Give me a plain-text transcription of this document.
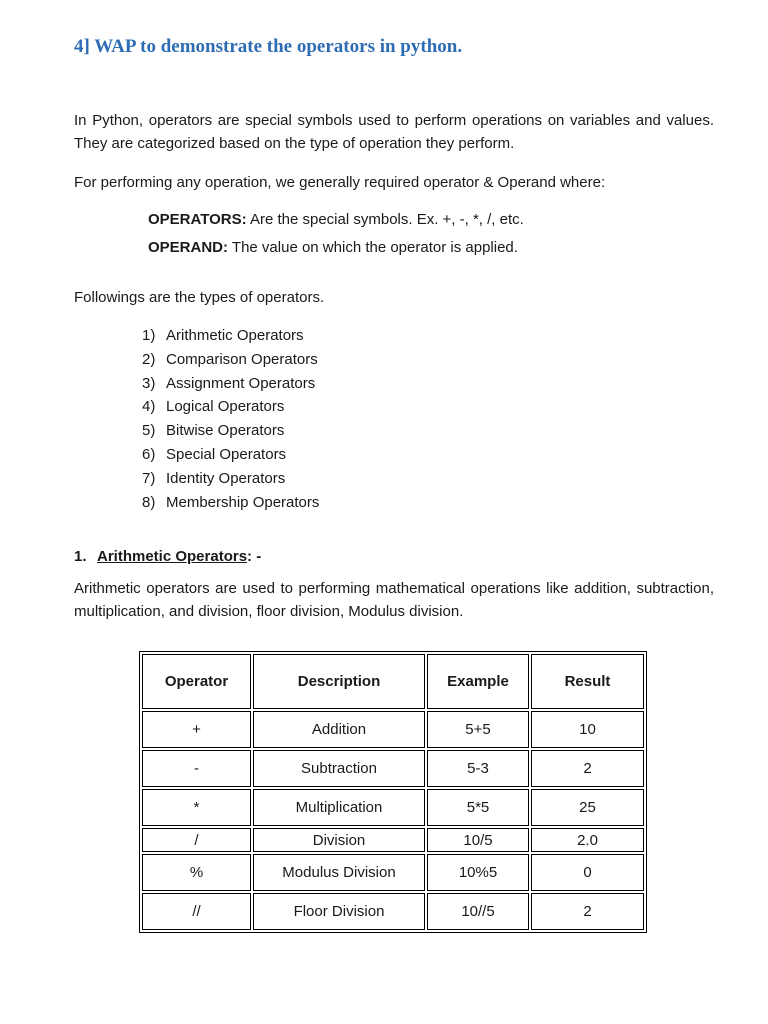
4] WAP to demonstrate the operators in python.

In Python, operators are special symbols used to perform operations on variables and values. They are categorized based on the type of operation they perform.

For performing any operation, we generally required operator & Operand where:

OPERATORS: Are the special symbols. Ex. +, -, *, /, etc.

OPERAND: The value on which the operator is applied.

Followings are the types of operators.

1) Arithmetic Operators
2) Comparison Operators
3) Assignment Operators
4) Logical Operators
5) Bitwise Operators
6) Special Operators
7) Identity Operators
8) Membership Operators
1. Arithmetic Operators: -

Arithmetic operators are used to performing mathematical operations like addition, subtraction, multiplication, and division, floor division, Modulus division.

Operator	Description	Example	Result
+	Addition	5+5	10
-	Subtraction	5-3	2
*	Multiplication	5*5	25
/	Division	10/5	2.0
%	Modulus Division	10%5	0
//	Floor Division	10//5	2
